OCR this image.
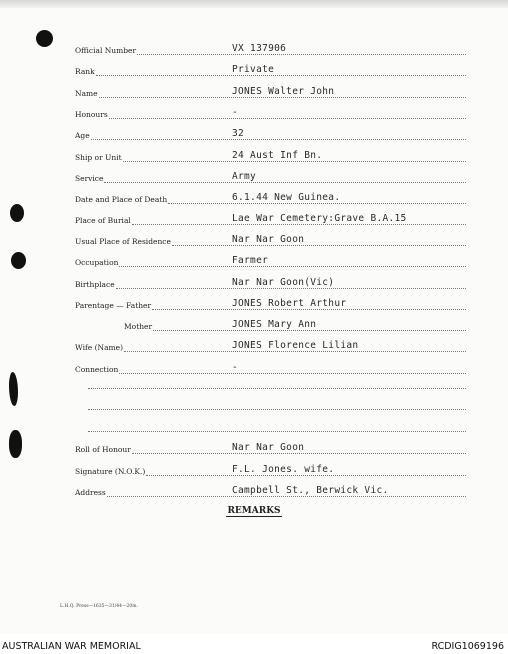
Official Number	VX 137906
Rank	Private
Name	JONES Walter John
Honours	-
Age	32
Ship or Unit	24 Aust Inf Bn.
Service	Army
Date and Place of Death	6.1.44 New Guinea.
Place of Burial	Lae War Cemetery:Grave B.A.15
Usual Place of Residence	Nar Nar Goon
Occupation	Farmer
Birthplace	Nar Nar Goon(Vic)
Parentage — Father	JONES Robert Arthur
Mother	JONES Mary Ann
Wife (Name)	JONES Florence Lilian
Connection	-
Roll of Honour	Nar Nar Goon
Signature (N.O.K.)	F.L. Jones. wife.
Address	Campbell St., Berwick Vic.
REMARKS
L.H.Q. Press—1635—31/44—20m.
AUSTRALIAN WAR MEMORIAL	RCDIG1069196
